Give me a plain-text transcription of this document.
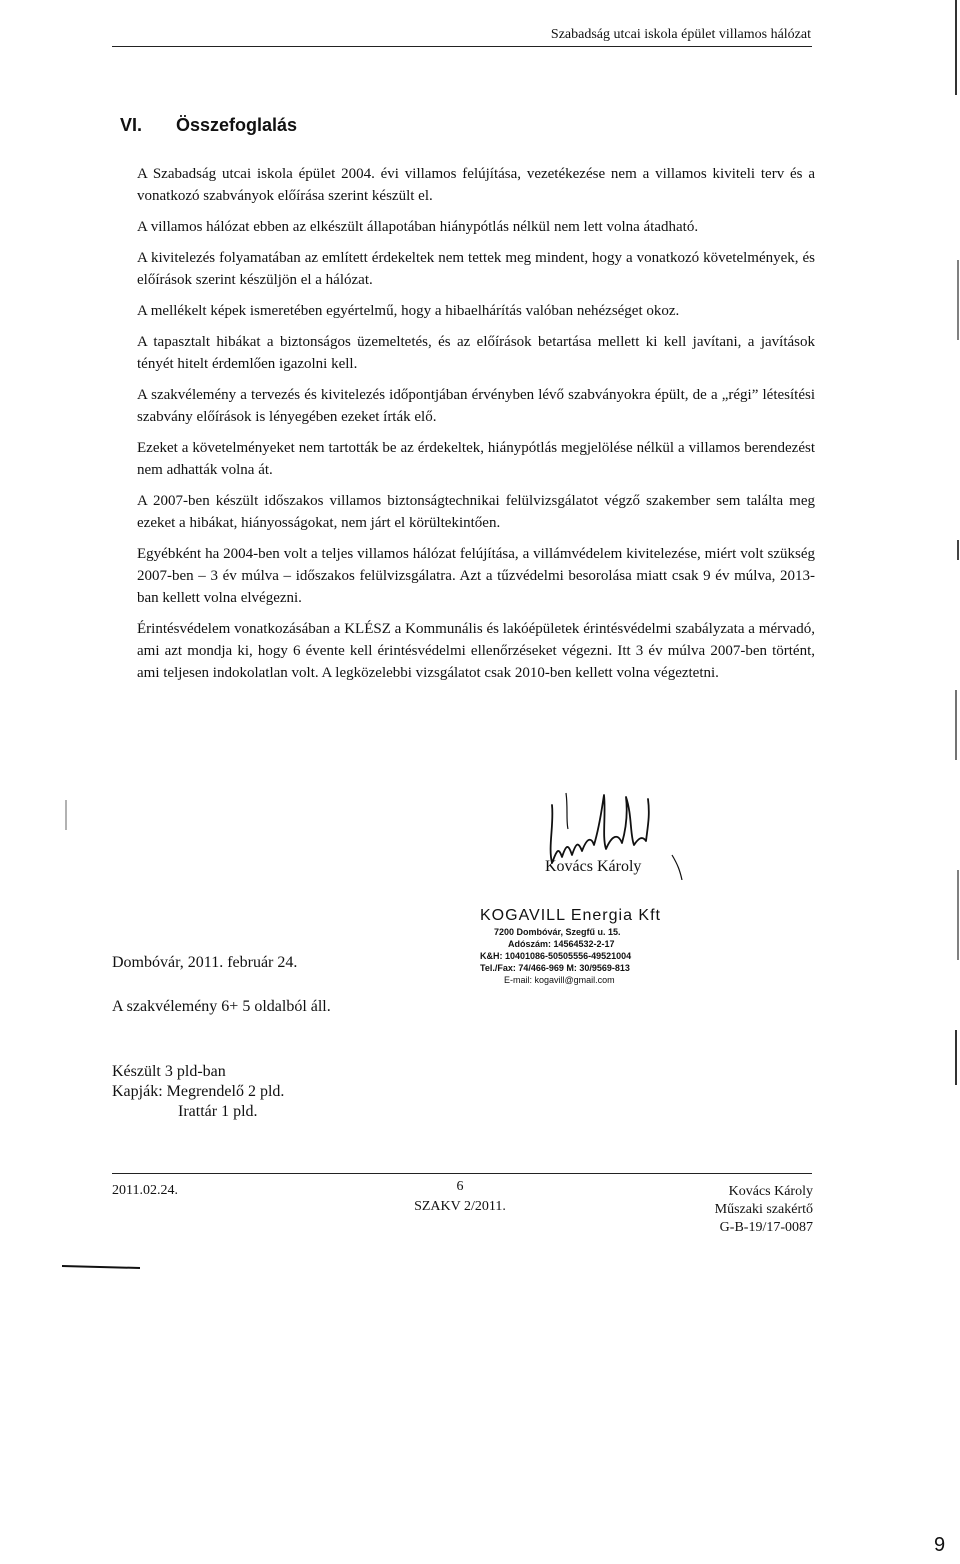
Szabadság utcai iskola épület villamos hálózat
VI. Összefoglalás

A Szabadság utcai iskola épület 2004. évi villamos felújítása, vezetékezése nem a villamos kiviteli terv és a vonatkozó szabványok előírása szerint készült el.

A villamos hálózat ebben az elkészült állapotában hiánypótlás nélkül nem lett volna átadható.

A kivitelezés folyamatában az említett érdekeltek nem tettek meg mindent, hogy a vonatkozó követelmények, és előírások szerint készüljön el a hálózat.

A mellékelt képek ismeretében egyértelmű, hogy a hibaelhárítás valóban nehézséget okoz.

A tapasztalt hibákat a biztonságos üzemeltetés, és az előírások betartása mellett ki kell javítani, a javítások tényét hitelt érdemlően igazolni kell.

A szakvélemény a tervezés és kivitelezés időpontjában érvényben lévő szabványokra épült, de a „régi” létesítési szabvány előírások is lényegében ezeket írták elő.

Ezeket a követelményeket nem tartották be az érdekeltek, hiánypótlás megjelölése nélkül a villamos berendezést nem adhatták volna át.

A 2007-ben készült időszakos villamos biztonságtechnikai felülvizsgálatot végző szakember sem találta meg ezeket a hibákat, hiányosságokat, nem járt el körültekintően.

Egyébként ha 2004-ben volt a teljes villamos hálózat felújítása, a villámvédelem kivitelezése, miért volt szükség 2007-ben – 3 év múlva – időszakos felülvizsgálatra. Azt a tűzvédelmi besorolása miatt csak 9 év múlva, 2013-ban kellett volna elvégezni.

Érintésvédelem vonatkozásában a KLÉSZ a Kommunális és lakóépületek érintésvédelmi szabályzata a mérvadó, ami azt mondja ki, hogy 6 évente kell érintésvédelmi ellenőrzéseket végezni. Itt 3 év múlva 2007-ben történt, ami teljesen indokolatlan volt. A legközelebbi vizsgálatot csak 2010-ben kellett volna végeztetni.

Kovács Károly
KOGAVILL Energia Kft
7200 Dombóvár, Szegfű u. 15.
Adószám: 14564532-2-17
K&H: 10401086-50505556-49521004
Tel./Fax: 74/466-969 M: 30/9569-813
E-mail: kogavill@gmail.com
Dombóvár, 2011. február 24.
A szakvélemény 6+ 5 oldalból áll.
Készült 3 pld-ban
Kapják: Megrendelő 2 pld.
Irattár 1 pld.
2011.02.24.	6
SZAKV 2/2011.
Kovács Károly
Műszaki szakértő
G-B-19/17-0087
9
